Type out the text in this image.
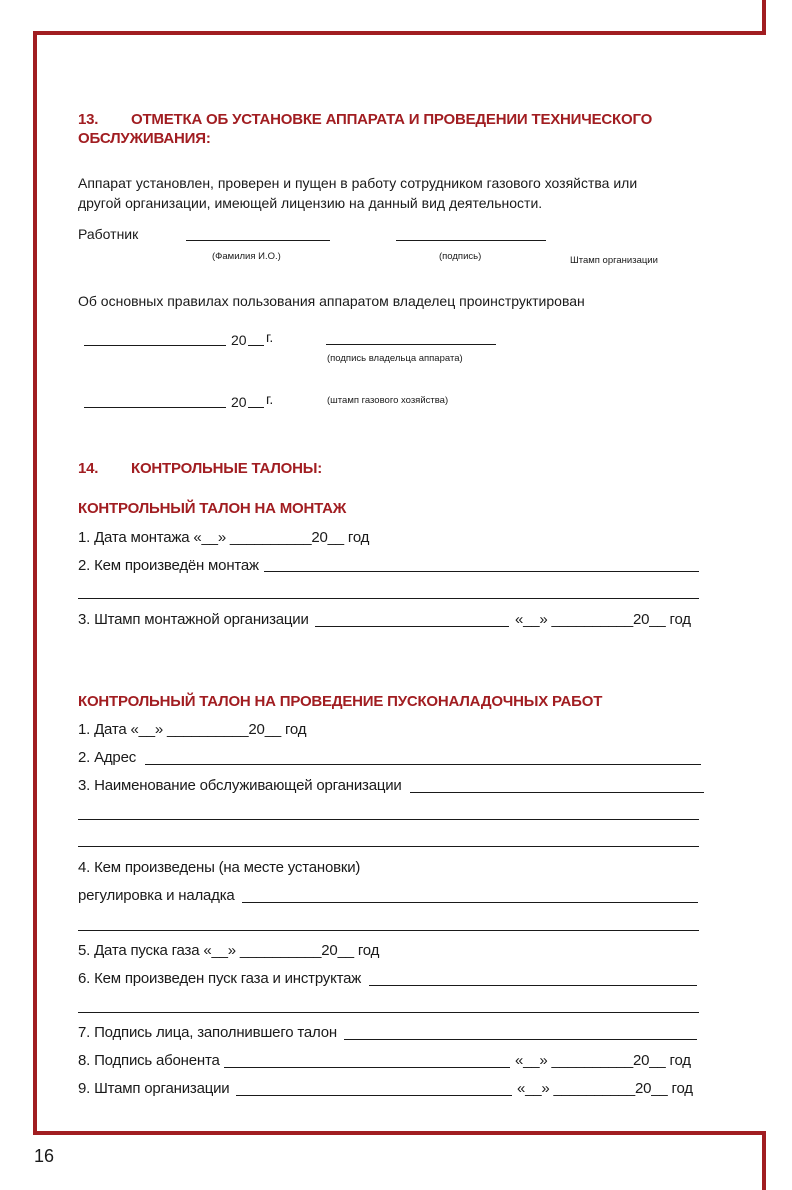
13. ОТМЕТКА ОБ УСТАНОВКЕ АППАРАТА И ПРОВЕДЕНИИ ТЕХНИЧЕСКОГО
ОБСЛУЖИВАНИЯ:
Аппарат установлен, проверен и пущен в работу сотрудником газового хозяйства или
другой организации, имеющей лицензию на данный вид деятельности.
Работник
(Фамилия И.О.)	(подпись)	Штамп организации
Об основных правилах пользования аппаратом владелец проинструктирован
20 г.
(подпись владельца аппарата)
20 г.	(штамп газового хозяйства)
14. КОНТРОЛЬНЫЕ ТАЛОНЫ:
КОНТРОЛЬНЫЙ ТАЛОН НА МОНТАЖ
1. Дата монтажа «__» __________20__ год
2. Кем произведён монтаж
3. Штамп монтажной организации	«__» __________20__ год
КОНТРОЛЬНЫЙ ТАЛОН НА ПРОВЕДЕНИЕ ПУСКОНАЛАДОЧНЫХ РАБОТ
1. Дата «__» __________20__ год
2. Адрес
3. Наименование обслуживающей организации
4. Кем произведены (на месте установки)
регулировка и наладка
5. Дата пуска газа «__» __________20__ год
6. Кем произведен пуск газа и инструктаж
7. Подпись лица, заполнившего талон
8. Подпись абонента	«__» __________20__ год
9. Штамп организации	«__» __________20__ год
16
